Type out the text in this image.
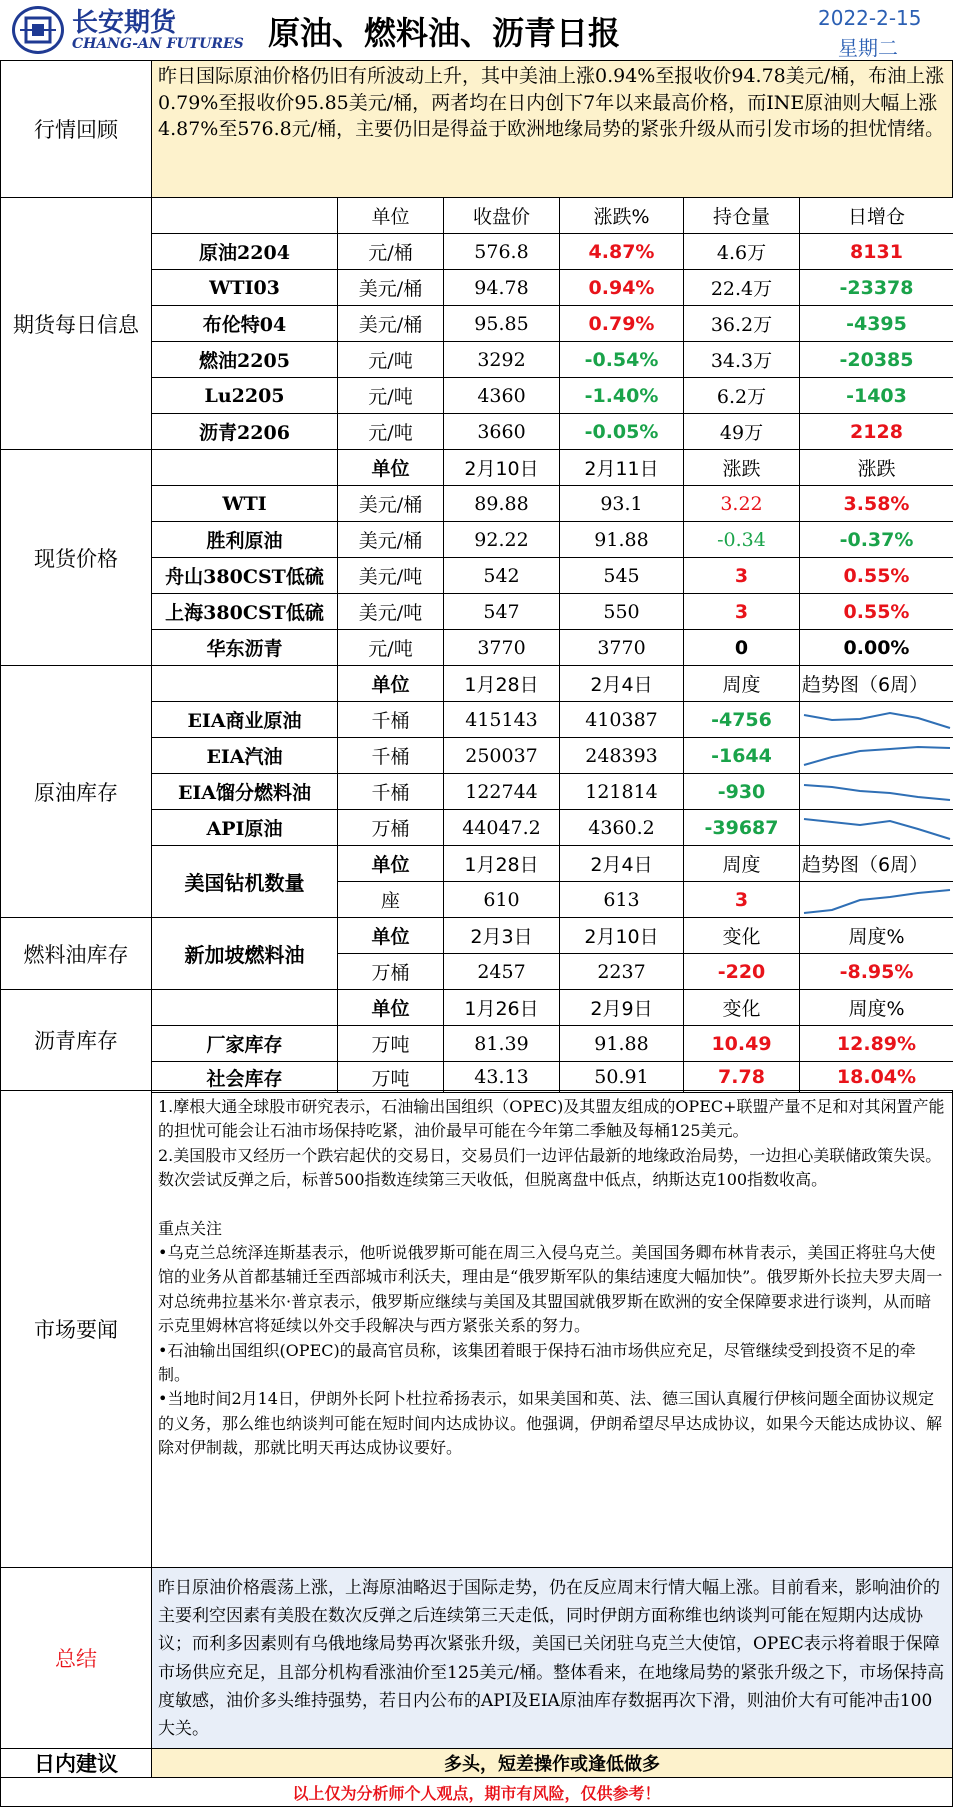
长安期货
CHANG-AN FUTURES 原油、燃料油、沥青日报	2022-2-15
星期二
行情回顾
昨日国际原油价格仍旧有所波动上升，其中美油上涨0.94%至报收价94.78美元/桶，布油上涨0.79%至报收价95.85美元/桶，两者均在日内创下7年以来最高价格，而INE原油则大幅上涨4.87%至576.8元/桶，主要仍旧是得益于欧洲地缘局势的紧张升级从而引发市场的担忧情绪。
期货每日信息
	单位	收盘价	涨跌%	持仓量	日增仓
原油2204	元/桶	576.8	4.87%	4.6万	8131
WTI03	美元/桶	94.78	0.94%	22.4万	-23378
布伦特04	美元/桶	95.85	0.79%	36.2万	-4395
燃油2205	元/吨	3292	-0.54%	34.3万	-20385
Lu2205	元/吨	4360	-1.40%	6.2万	-1403
沥青2206	元/吨	3660	-0.05%	49万	2128
现货价格
	单位	2月10日	2月11日	涨跌	涨跌
WTI	美元/桶	89.88	93.1	3.22	3.58%
胜利原油	美元/桶	92.22	91.88	-0.34	-0.37%
舟山380CST低硫	美元/吨	542	545	3	0.55%
上海380CST低硫	美元/吨	547	550	3	0.55%
华东沥青	元/吨	3770	3770	0	0.00%
原油库存
	单位	1月28日	2月4日	周度	趋势图（6周）
EIA商业原油	千桶	415143	410387	-4756	

EIA汽油	千桶	250037	248393	-1644	

EIA馏分燃料油	千桶	122744	121814	-930	

API原油	万桶	44047.2	4360.2	-39687	

美国钻机数量	单位	1月28日	2月4日	周度	趋势图（6周）
	座	610	613	3	
燃料油库存	新加坡燃料油	单位	2月3日	2月10日	变化	周度%
	万桶	2457	2237	-220	-8.95%
沥青库存
	单位	1月26日	2月9日	变化	周度%
厂家库存	万吨	81.39	91.88	10.49	12.89%
社会库存	万吨	43.13	50.91	7.78	18.04%
市场要闻

1.摩根大通全球股市研究表示，石油输出国组织（OPEC)及其盟友组成的OPEC+联盟产量不足和对其闲置产能的担忧可能会让石油市场保持吃紧，油价最早可能在今年第二季触及每桶125美元。

2.美国股市又经历一个跌宕起伏的交易日，交易员们一边评估最新的地缘政治局势，一边担心美联储政策失误。数次尝试反弹之后，标普500指数连续第三天收低，但脱离盘中低点，纳斯达克100指数收高。

重点关注

•乌克兰总统泽连斯基表示，他听说俄罗斯可能在周三入侵乌克兰。美国国务卿布林肯表示，美国正将驻乌大使馆的业务从首都基辅迁至西部城市利沃夫，理由是“俄罗斯军队的集结速度大幅加快”。俄罗斯外长拉夫罗夫周一对总统弗拉基米尔·普京表示，俄罗斯应继续与美国及其盟国就俄罗斯在欧洲的安全保障要求进行谈判，从而暗示克里姆林宫将延续以外交手段解决与西方紧张关系的努力。

•石油输出国组织(OPEC)的最高官员称，该集团着眼于保持石油市场供应充足，尽管继续受到投资不足的牵制。

•当地时间2月14日，伊朗外长阿卜杜拉希扬表示，如果美国和英、法、德三国认真履行伊核问题全面协议规定的义务，那么维也纳谈判可能在短时间内达成协议。他强调，伊朗希望尽早达成协议，如果今天能达成协议、解除对伊制裁，那就比明天再达成协议要好。

总结
昨日原油价格震荡上涨，上海原油略迟于国际走势，仍在反应周末行情大幅上涨。目前看来，影响油价的主要利空因素有美股在数次反弹之后连续第三天走低，同时伊朗方面称维也纳谈判可能在短期内达成协议；而利多因素则有乌俄地缘局势再次紧张升级，美国已关闭驻乌克兰大使馆，OPEC表示将着眼于保障市场供应充足，且部分机构看涨油价至125美元/桶。整体看来，在地缘局势的紧张升级之下，市场保持高度敏感，油价多头维持强势，若日内公布的API及EIA原油库存数据再次下滑，则油价大有可能冲击100大关。
日内建议	多头，短差操作或逢低做多
以上仅为分析师个人观点，期市有风险，仅供参考！
